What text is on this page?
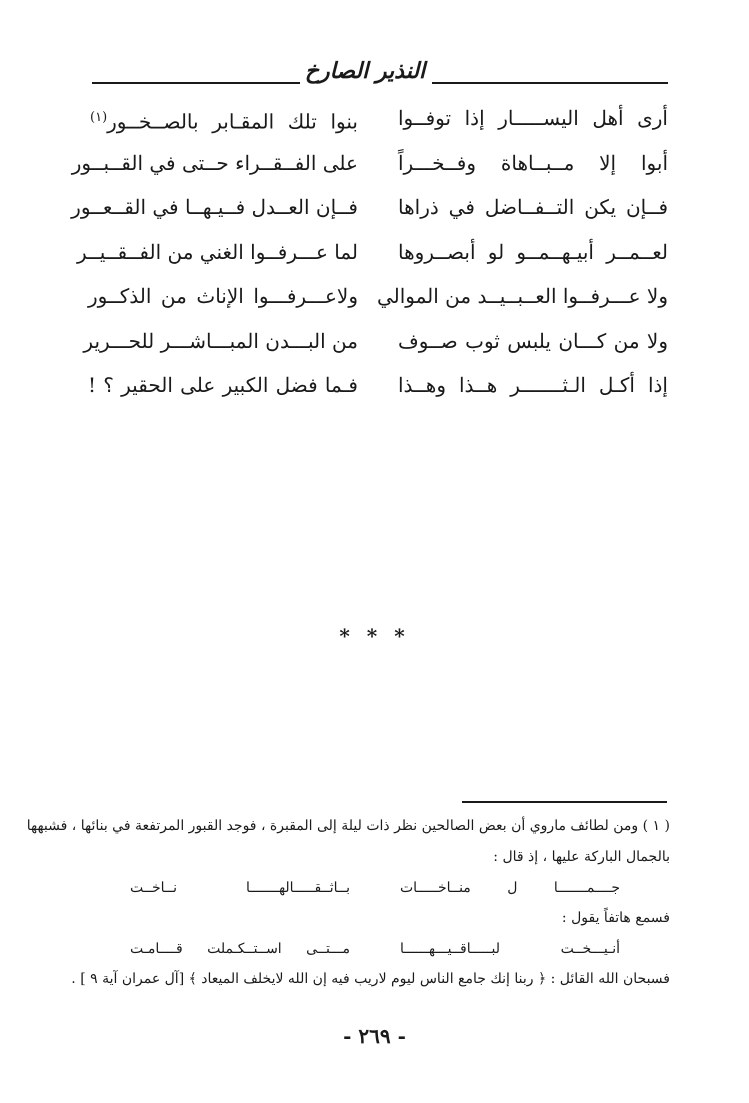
النذير الصارخ
أرى أهل اليســـــار إذا توفــوا
بنوا تلك المقـابر بالصــخــور$^{(١)}$
أبوا إلا مــبــاهاة وفــخـــراً
على الفــقــراء حــتى في القــبــور
فــإن يكن التــفــاضل في ذراها
فــإن العــدل فــيـهــا في القــعــور
لعــمــر أبيـهــمــو لو أبصــروها
لما عـــرفــوا الغني من الفــقــيــر
ولا عـــرفــوا العــبــيــد من الموالي
ولاعـــرفـــوا الإناث من الذكــور
ولا من كـــان يلبس ثوب صــوف
من البـــدن المبـــاشـــر للحـــرير
إذا أكـل الـثـــــــر هــذا وهــذا
فـما فضل الكبير على الحقير ؟ !
* * *
( ١ ) ومن لطائف ماروي أن بعض الصالحين نظر ذات ليلة إلى المقبرة ، فوجد القبور المرتفعة في بنائها ، فشبهها
بالجمال الباركة عليها ، إذ قال :
جــــمـــــــا ل منــاخـــــات
بــاثــقـــــالهـــــــا نــاخــت
فسمع هاتفاً يقول :
أنـيـــخــت لبـــــاقــيـــهــــــا
مـــتــى اســتــكـملت قــــامـت
فسبحان الله القائل : ﴿ ربنا إنك جامع الناس ليوم لاريب فيه إن الله لايخلف الميعاد ﴾ [آل عمران آية ٩ ] .
- ٢٦٩ -
